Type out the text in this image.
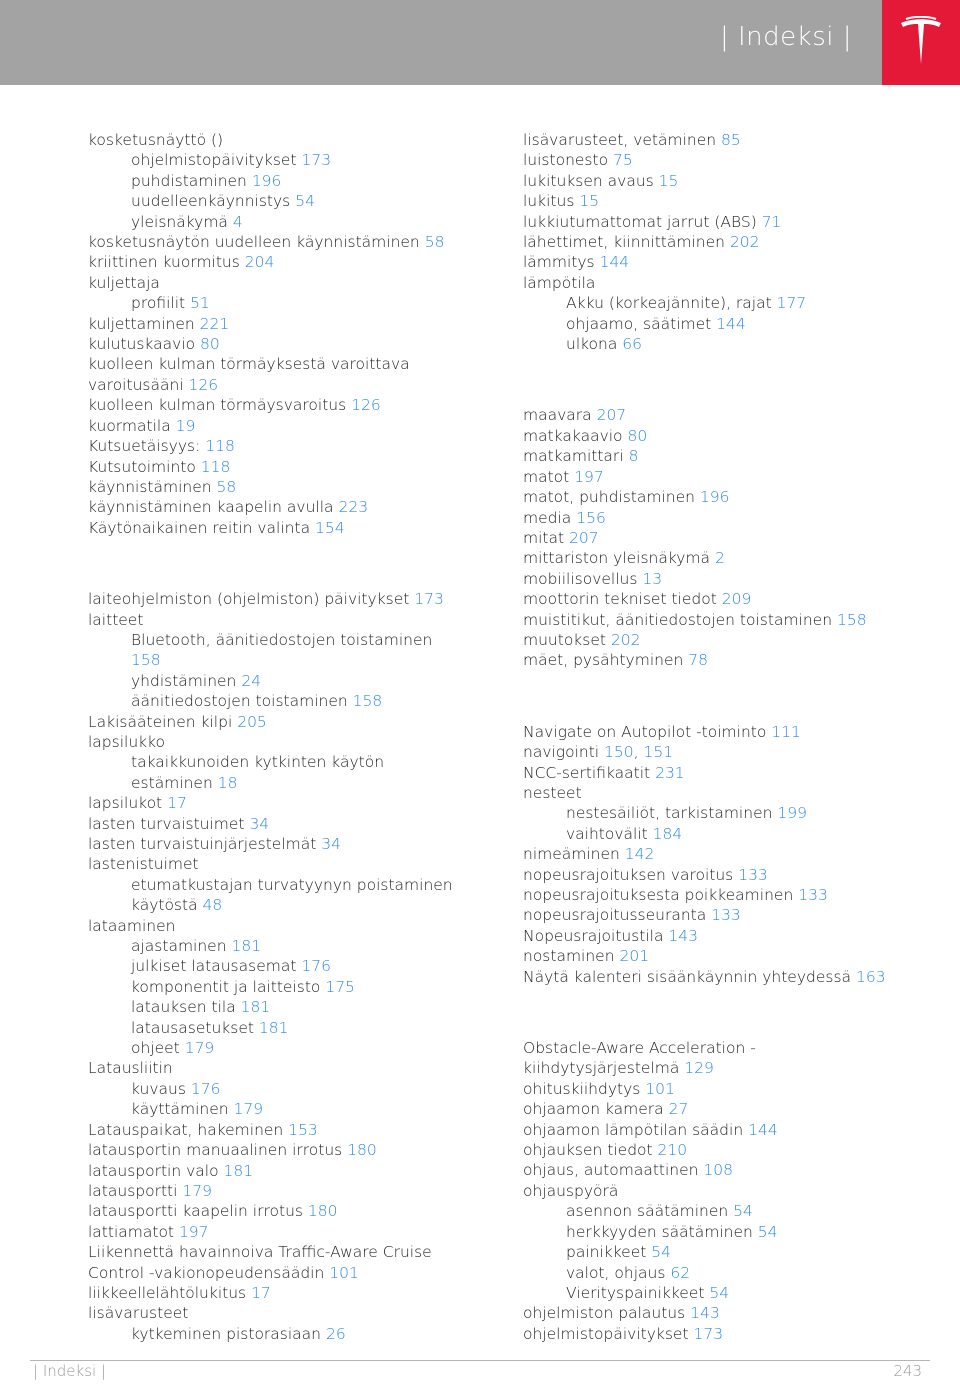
| Indeksi |
kosketusnäyttö ()
ohjelmistopäivitykset 173
puhdistaminen 196
uudelleenkäynnistys 54
yleisnäkymä 4
kosketusnäytön uudelleen käynnistäminen 58
kriittinen kuormitus 204
kuljettaja
profiilit 51
kuljettaminen 221
kulutuskaavio 80
kuolleen kulman törmäyksestä varoittava
varoitusääni 126
kuolleen kulman törmäysvaroitus 126
kuormatila 19
Kutsuetäisyys: 118
Kutsutoiminto 118
käynnistäminen 58
käynnistäminen kaapelin avulla 223
Käytönaikainen reitin valinta 154
laiteohjelmiston (ohjelmiston) päivitykset 173
laitteet
Bluetooth, äänitiedostojen toistaminen
158
yhdistäminen 24
äänitiedostojen toistaminen 158
Lakisääteinen kilpi 205
lapsilukko
takaikkunoiden kytkinten käytön
estäminen 18
lapsilukot 17
lasten turvaistuimet 34
lasten turvaistuinjärjestelmät 34
lastenistuimet
etumatkustajan turvatyynyn poistaminen
käytöstä 48
lataaminen
ajastaminen 181
julkiset latausasemat 176
komponentit ja laitteisto 175
latauksen tila 181
latausasetukset 181
ohjeet 179
Latausliitin
kuvaus 176
käyttäminen 179
Latauspaikat, hakeminen 153
latausportin manuaalinen irrotus 180
latausportin valo 181
latausportti 179
latausportti kaapelin irrotus 180
lattiamatot 197
Liikennettä havainnoiva Traffic-Aware Cruise
Control -vakionopeudensäädin 101
liikkeellelähtölukitus 17
lisävarusteet
kytkeminen pistorasiaan 26
lisävarusteet, vetäminen 85
luistonesto 75
lukituksen avaus 15
lukitus 15
lukkiutumattomat jarrut (ABS) 71
lähettimet, kiinnittäminen 202
lämmitys 144
lämpötila
Akku (korkeajännite), rajat 177
ohjaamo, säätimet 144
ulkona 66
maavara 207
matkakaavio 80
matkamittari 8
matot 197
matot, puhdistaminen 196
media 156
mitat 207
mittariston yleisnäkymä 2
mobiilisovellus 13
moottorin tekniset tiedot 209
muistitikut, äänitiedostojen toistaminen 158
muutokset 202
mäet, pysähtyminen 78
Navigate on Autopilot -toiminto 111
navigointi 150, 151
NCC-sertifikaatit 231
nesteet
nestesäiliöt, tarkistaminen 199
vaihtovälit 184
nimeäminen 142
nopeusrajoituksen varoitus 133
nopeusrajoituksesta poikkeaminen 133
nopeusrajoitusseuranta 133
Nopeusrajoitustila 143
nostaminen 201
Näytä kalenteri sisäänkäynnin yhteydessä 163
Obstacle-Aware Acceleration -
kiihdytysjärjestelmä 129
ohituskiihdytys 101
ohjaamon kamera 27
ohjaamon lämpötilan säädin 144
ohjauksen tiedot 210
ohjaus, automaattinen 108
ohjauspyörä
asennon säätäminen 54
herkkyyden säätäminen 54
painikkeet 54
valot, ohjaus 62
Vierityspainikkeet 54
ohjelmiston palautus 143
ohjelmistopäivitykset 173
| Indeksi |	243
